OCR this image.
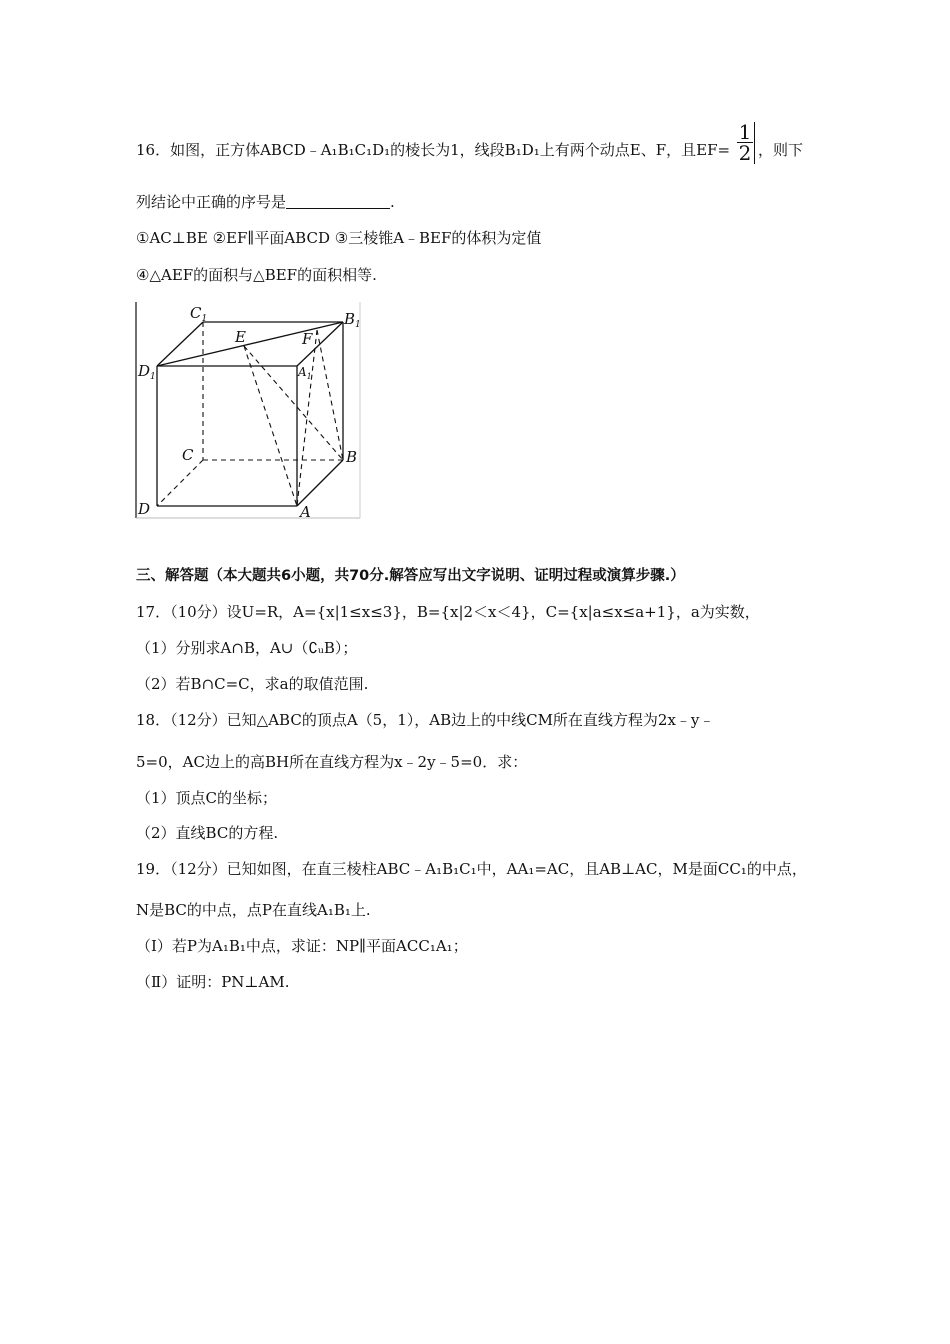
16．如图，正方体ABCD﹣A₁B₁C₁D₁的棱长为1，线段B₁D₁上有两个动点E、F，且$EF= \frac{1}{2}$ ，则下
列结论中正确的序号是	.
①AC⊥BE ②EF∥平面ABCD ③三棱锥A﹣BEF的体积为定值
④△AEF的面积与△BEF的面积相等.
$C_1$	$B_1$
$D_1$	$A_1$
E	F
C	B
D	A
三、解答题（本大题共6小题，共70分.解答应写出文字说明、证明过程或演算步骤.）
17．（10分）设U=R，A={x|1≤x≤3}，B={x|2＜x＜4}，C={x|a≤x≤a+1}，a为实数，
（1）分别求A∩B，A∪（∁ᵤB）；
（2）若B∩C=C，求a的取值范围.
18．（12分）已知△ABC的顶点A（5，1），AB边上的中线CM所在直线方程为2x﹣y﹣
5=0，AC边上的高BH所在直线方程为x﹣2y﹣5=0．求：
（1）顶点C的坐标；
（2）直线BC的方程.
19．（12分）已知如图，在直三棱柱ABC﹣A₁B₁C₁中，AA₁=AC，且AB⊥AC，M是面CC₁的中点，
N是BC的中点，点P在直线A₁B₁上.
（Ⅰ）若P为A₁B₁中点，求证：NP∥平面ACC₁A₁；
（Ⅱ）证明：PN⊥AM.
